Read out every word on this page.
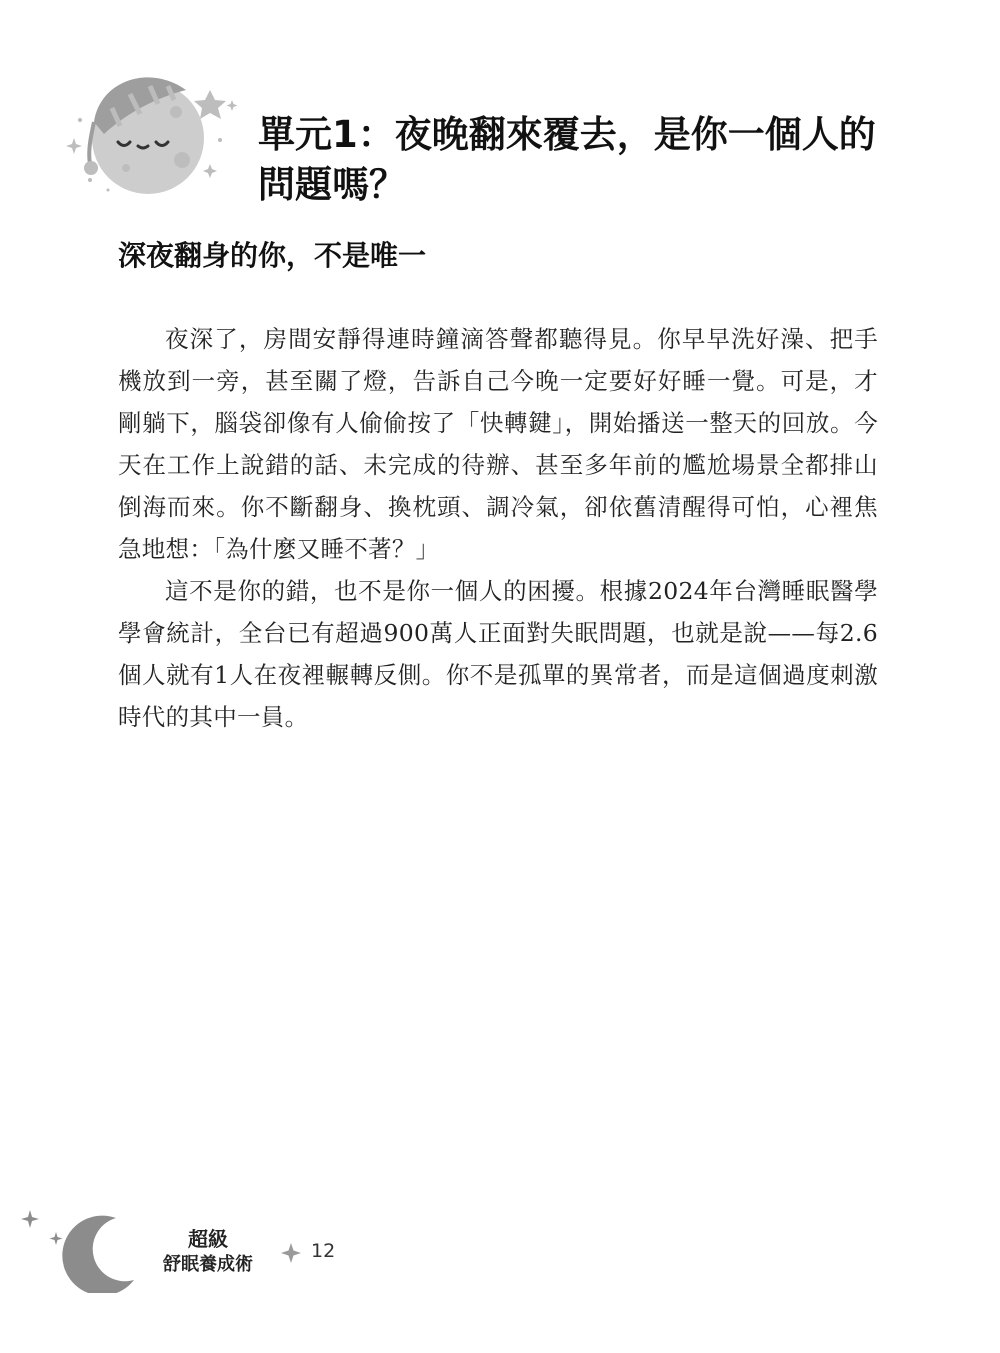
單元1：夜晚翻來覆去，是你一個人的問題嗎？
深夜翻身的你，不是唯一

夜深了，房間安靜得連時鐘滴答聲都聽得見。你早早洗好澡、把手機放到一旁，甚至關了燈，告訴自己今晚一定要好好睡一覺。可是，才剛躺下，腦袋卻像有人偷偷按了「快轉鍵」，開始播送一整天的回放。今天在工作上說錯的話、未完成的待辦、甚至多年前的尷尬場景全都排山倒海而來。你不斷翻身、換枕頭、調冷氣，卻依舊清醒得可怕，心裡焦急地想：「為什麼又睡不著？」

這不是你的錯，也不是你一個人的困擾。根據2024年台灣睡眠醫學學會統計，全台已有超過900萬人正面對失眠問題，也就是說——每2.6個人就有1人在夜裡輾轉反側。你不是孤單的異常者，而是這個過度刺激時代的其中一員。

超級
舒眠養成術
12
